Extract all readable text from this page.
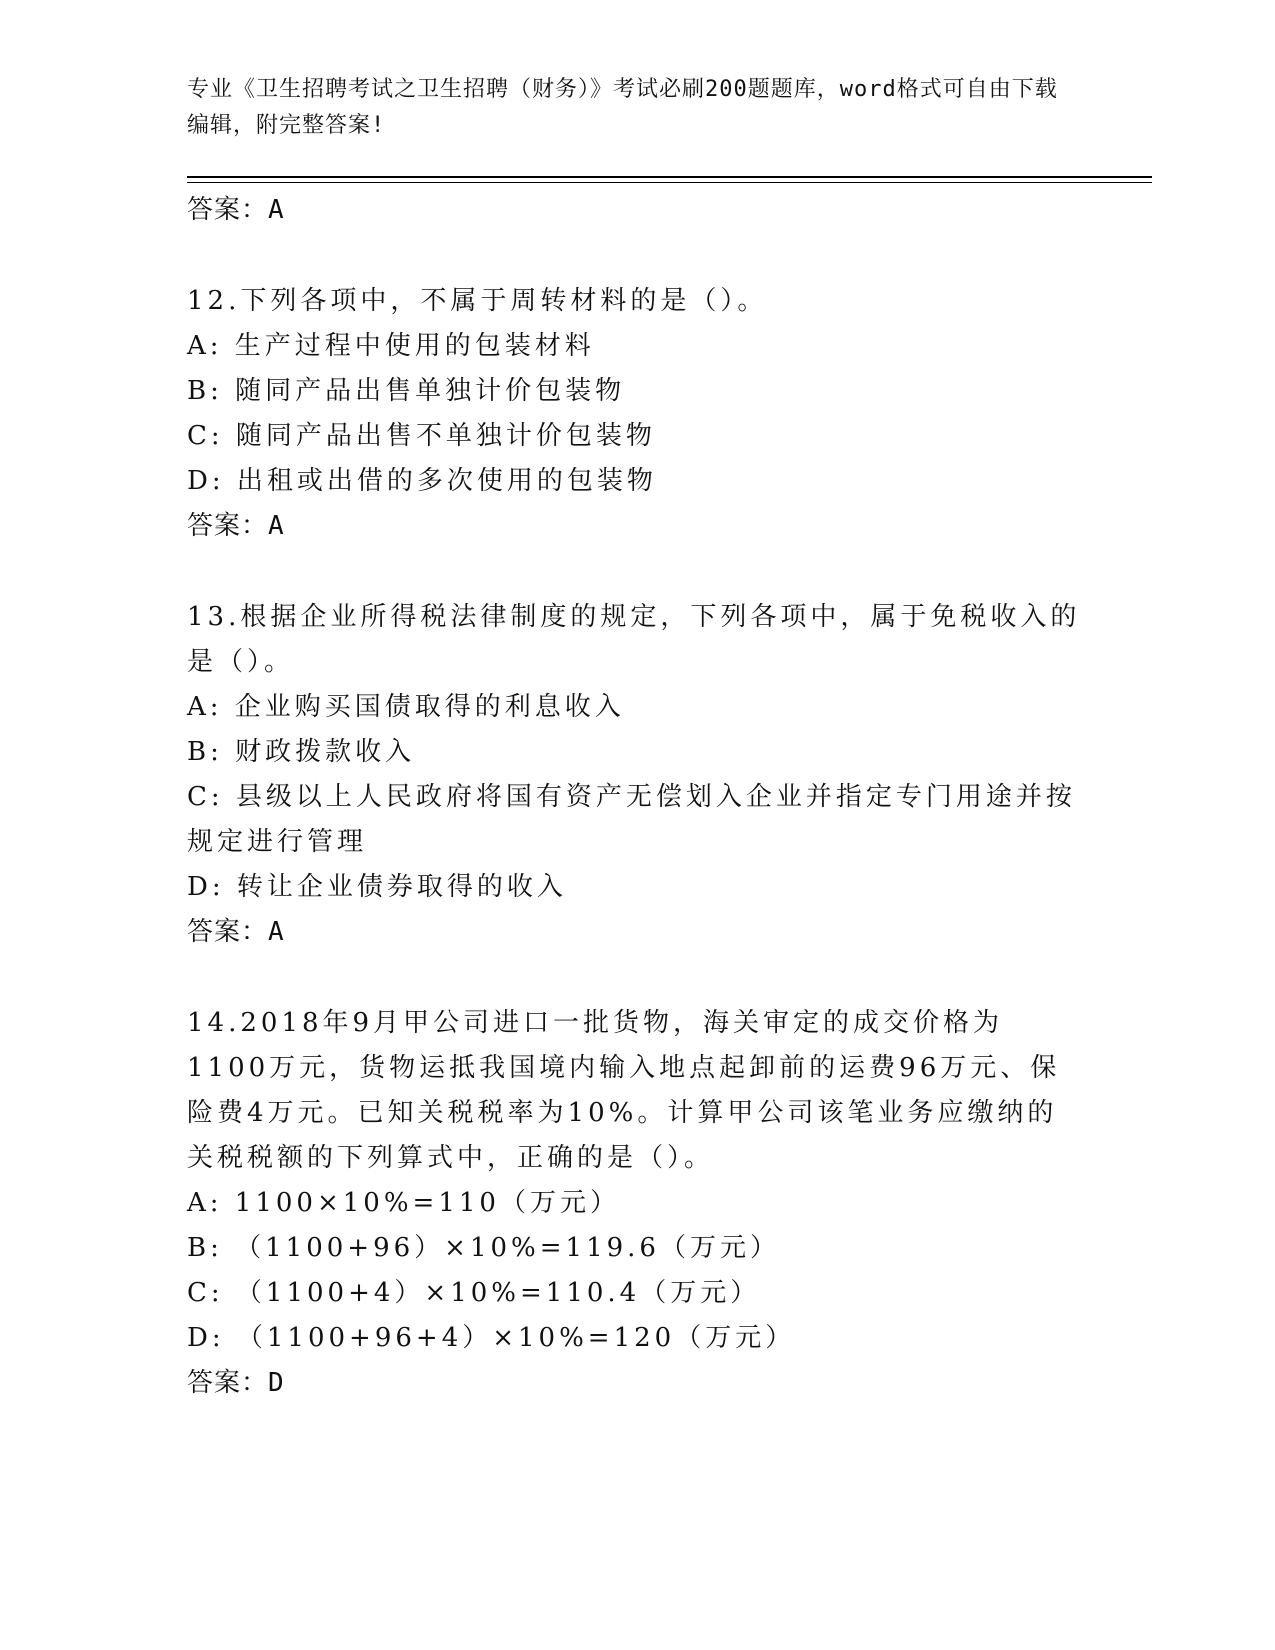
专业《卫生招聘考试之卫生招聘（财务）》考试必刷200题题库，word格式可自由下载编辑，附完整答案!
答案：A

12.下列各项中，不属于周转材料的是（）。

A: 生产过程中使用的包装材料

B: 随同产品出售单独计价包装物

C: 随同产品出售不单独计价包装物

D: 出租或出借的多次使用的包装物

答案：A

13.根据企业所得税法律制度的规定，下列各项中，属于免税收入的是（）。

A: 企业购买国债取得的利息收入

B: 财政拨款收入

C: 县级以上人民政府将国有资产无偿划入企业并指定专门用途并按规定进行管理

D: 转让企业债券取得的收入

答案：A

14.2018年9月甲公司进口一批货物，海关审定的成交价格为1100万元，货物运抵我国境内输入地点起卸前的运费96万元、保险费4万元。已知关税税率为10%。计算甲公司该笔业务应缴纳的关税税额的下列算式中，正确的是（）。

A: 1100×10%=110（万元）

B: （1100+96）×10%=119.6（万元）

C: （1100+4）×10%=110.4（万元）

D: （1100+96+4）×10%=120（万元）

答案：D
